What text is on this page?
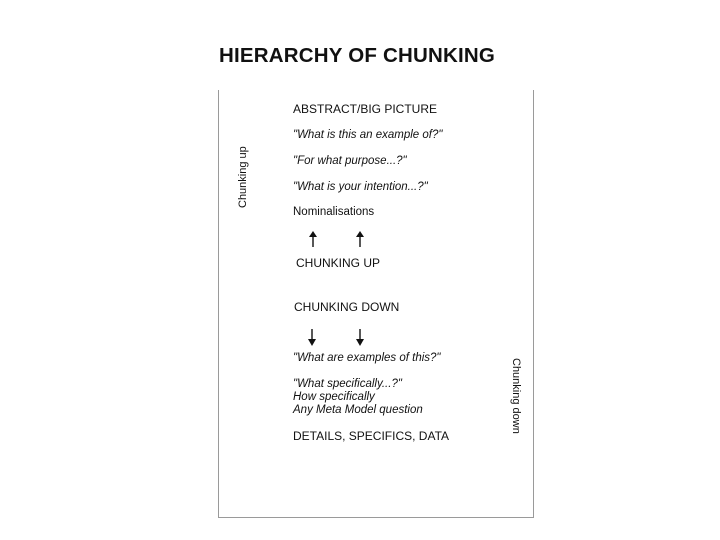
HIERARCHY OF CHUNKING
Chunking up
Chunking down
ABSTRACT/BIG PICTURE
"What is this an example of?"
"For what purpose...?"
"What is your intention...?"
Nominalisations
CHUNKING UP
CHUNKING DOWN
"What are examples of this?"
"What specifically...?"
How specifically
Any Meta Model question
DETAILS, SPECIFICS, DATA
